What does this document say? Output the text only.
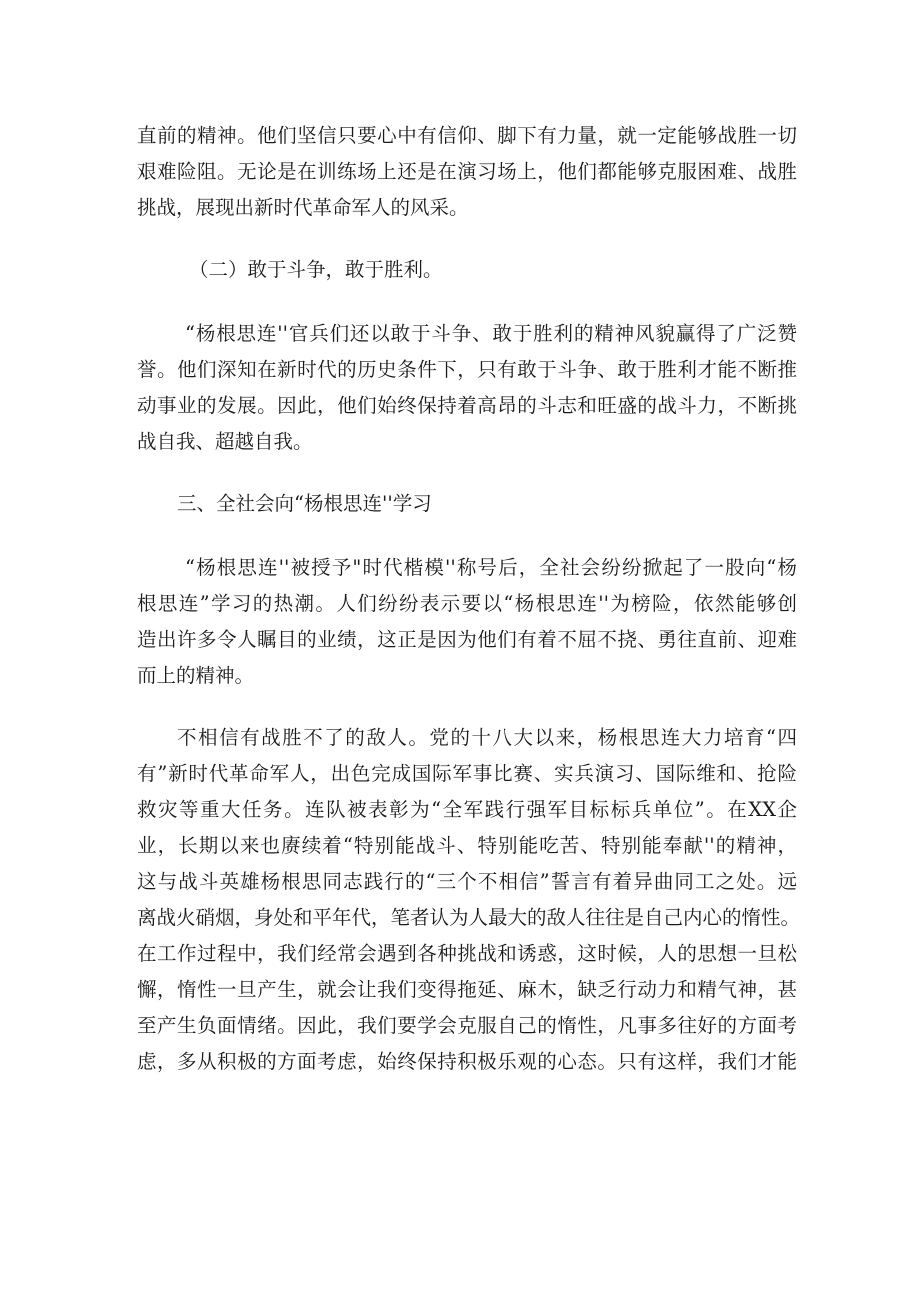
直前的精神。他们坚信只要心中有信仰、脚下有力量，就一定能够战胜一切
艰难险阻。无论是在训练场上还是在演习场上，他们都能够克服困难、战胜
挑战，展现出新时代革命军人的风采。
（二）敢于斗争，敢于胜利。
“杨根思连''官兵们还以敢于斗争、敢于胜利的精神风貌赢得了广泛赞
誉。他们深知在新时代的历史条件下，只有敢于斗争、敢于胜利才能不断推
动事业的发展。因此，他们始终保持着高昂的斗志和旺盛的战斗力，不断挑
战自我、超越自我。
三、全社会向“杨根思连''学习
“杨根思连''被授予"时代楷模''称号后，全社会纷纷掀起了一股向“杨
根思连”学习的热潮。人们纷纷表示要以“杨根思连''为榜险，依然能够创
造出许多令人瞩目的业绩，这正是因为他们有着不屈不挠、勇往直前、迎难
而上的精神。
不相信有战胜不了的敌人。党的十八大以来，杨根思连大力培育“四
有”新时代革命军人，出色完成国际军事比赛、实兵演习、国际维和、抢险
救灾等重大任务。连队被表彰为“全军践行强军目标标兵单位”。在XX企
业，长期以来也赓续着“特别能战斗、特别能吃苦、特别能奉献''的精神，
这与战斗英雄杨根思同志践行的“三个不相信”誓言有着异曲同工之处。远
离战火硝烟，身处和平年代，笔者认为人最大的敌人往往是自己内心的惰性。
在工作过程中，我们经常会遇到各种挑战和诱惑，这时候，人的思想一旦松
懈，惰性一旦产生，就会让我们变得拖延、麻木，缺乏行动力和精气神，甚
至产生负面情绪。因此，我们要学会克服自己的惰性，凡事多往好的方面考
虑，多从积极的方面考虑，始终保持积极乐观的心态。只有这样，我们才能
